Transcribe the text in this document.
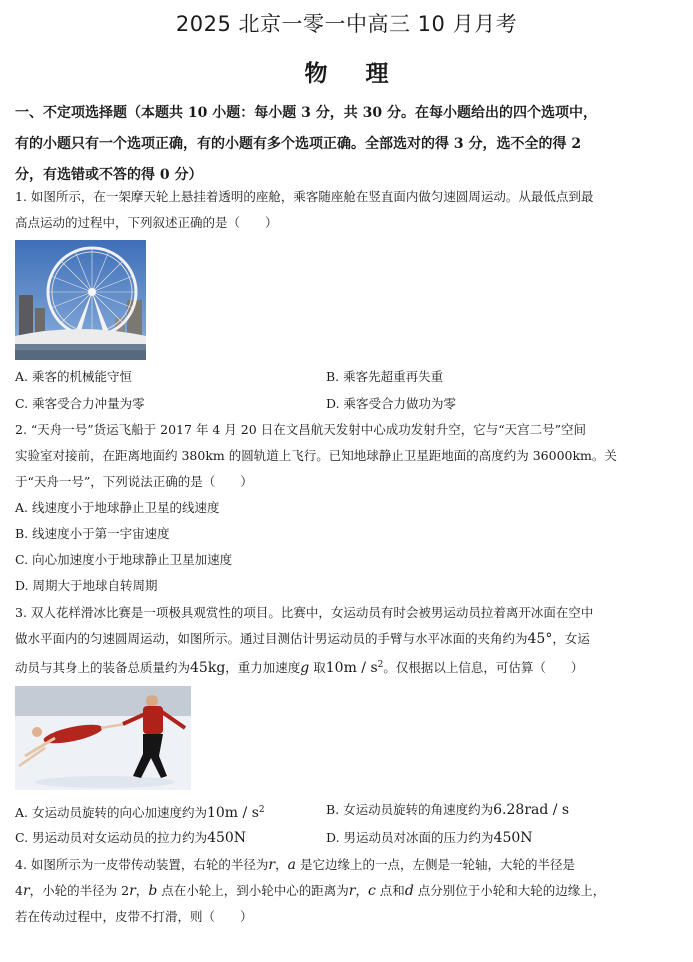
2025 北京一零一中高三 10 月月考
物理
一、不定项选择题（本题共 10 小题：每小题 3 分，共 30 分。在每小题给出的四个选项中，
有的小题只有一个选项正确，有的小题有多个选项正确。全部选对的得 3 分，选不全的得 2
分，有选错或不答的得 0 分）
1. 如图所示，在一架摩天轮上悬挂着透明的座舱，乘客随座舱在竖直面内做匀速圆周运动。从最低点到最
高点运动的过程中，下列叙述正确的是（　　）
A. 乘客的机械能守恒	B. 乘客先超重再失重
C. 乘客受合力冲量为零	D. 乘客受合力做功为零
2. “天舟一号”货运飞船于 2017 年 4 月 20 日在文昌航天发射中心成功发射升空，它与“天宫二号”空间
实验室对接前，在距离地面约 380km 的圆轨道上飞行。已知地球静止卫星距地面的高度约为 36000km。关
于“天舟一号”，下列说法正确的是（　　）
A. 线速度小于地球静止卫星的线速度
B. 线速度小于第一宇宙速度
C. 向心加速度小于地球静止卫星加速度
D. 周期大于地球自转周期
3. 双人花样滑冰比赛是一项极具观赏性的项目。比赛中，女运动员有时会被男运动员拉着离开冰面在空中
做水平面内的匀速圆周运动，如图所示。通过目测估计男运动员的手臂与水平冰面的夹角约为45°，女运
动员与其身上的装备总质量约为45kg，重力加速度g 取$10m / s^2$。仅根据以上信息，可估算（　　）
A. 女运动员旋转的向心加速度约为$10m / s^2$	B. 女运动员旋转的角速度约为6.28rad / s
C. 男运动员对女运动员的拉力约为450N	D. 男运动员对冰面的压力约为450N
4. 如图所示为一皮带传动装置，右轮的半径为r，a 是它边缘上的一点，左侧是一轮轴，大轮的半径是
4r，小轮的半径为 2r，b 点在小轮上，到小轮中心的距离为r，c 点和d 点分别位于小轮和大轮的边缘上，
若在传动过程中，皮带不打滑，则（　　）
